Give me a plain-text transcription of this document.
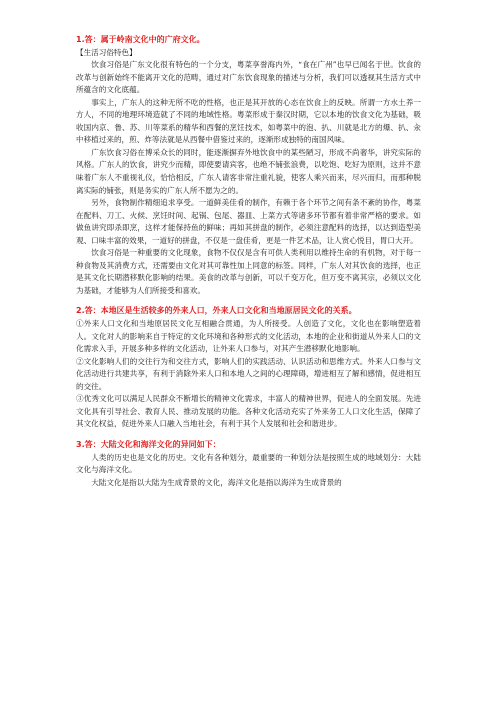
1.答：属于岭南文化中的广府文化。
【生活习俗特色】

饮食习俗是广东文化很有特色的一个分支，粤菜享誉海内外，“食在广州”也早已闻名于世。饮食的改革与创新始终不能离开文化的范畴，通过对广东饮食现象的描述与分析，我们可以透视其生活方式中所蕴含的文化底蕴。

事实上，广东人的这种无所不吃的性格，也正是其开放的心态在饮食上的反映。所谓一方水土养一方人，不同的地理环境造就了不同的地域性格。粤菜形成于秦汉时期，它以本地的饮食文化为基础，吸收国内京、鲁、苏、川等菜系的精华和西餐的烹饪技术，如粤菜中的泡、扒、川就是北方的爆、扒、汆中移植过来的，煎、炸等法就是从西餐中借鉴过来的，逐渐形成独特的南国风味。

广东饮食习俗在博采众长的同时，能逐渐摒弃外地饮食中的某些陋习，形成不尚奢华，讲究实际的风格。广东人的饮食，讲究少而精，即使要请宾客，也绝不铺张浪费，以吃饱、吃好为原则，这并不意味着广东人不重视礼仪，恰恰相反，广东人请客非常注重礼貌，使客人乘兴而来，尽兴而归，而那种脱离实际的铺张，则是务实的广东人所不愿为之的。

另外，食物制作精细追求享受。一道鲜美佳肴的制作，有赖于各个环节之间有条不紊的协作，粤菜在配料、刀工、火候、烹饪时间、起锅、包尾、器皿、上菜方式等诸多环节都有着非常严格的要求。如做鱼讲究即杀即烹，这样才能保持鱼的鲜味；再如其拼盘的制作，必须注意配料的选择，以达到造型美观、口味丰富的效果，一道好的拼盘，不仅是一盘佳肴，更是一件艺术品，让人赏心悦目，胃口大开。

饮食习俗是一种重要的文化现象，食物不仅仅是含有可供人类利用以维持生命的有机物，对于每一种食物及其消费方式，还需要由文化对其可靠性加上同意的标签。同样，广东人对其饮食的选择，也正是其文化长期潜移默化影响的结果。美食的改革与创新，可以千变万化，但万变不离其宗，必须以文化为基础，才能够为人们所接受和喜欢。

2.答：本地区是生活较多的外来人口，外来人口文化和当地原居民文化的关系。

①外来人口文化和当地原居民文化互相融合贯通，为人所接受。人创造了文化，文化也在影响塑造着人。文化对人的影响来自于特定的文化环境和各种形式的文化活动，本地的企业和街道从外来人口的文化需求入手，开展多种多样的文化活动，让外来人口参与，对其产生潜移默化地影响。

②文化影响人们的交往行为和交往方式，影响人们的实践活动、认识活动和思维方式。外来人口参与文化活动进行共建共享，有利于消除外来人口和本地人之间的心理障碍，增进相互了解和感情，促进相互的交往。

③优秀文化可以满足人民群众不断增长的精神文化需求，丰富人的精神世界，促进人的全面发展。先进文化具有引导社会、教育人民、推动发展的功能。各种文化活动充实了外来务工人口文化生活，保障了其文化权益，促进外来人口融入当地社会，有利于其个人发展和社会和谐进步。

3.答：大陆文化和海洋文化的异同如下：

人类的历史也是文化的历史。文化有各种划分，最重要的一种划分法是按照生成的地域划分：大陆文化与海洋文化。

大陆文化是指以大陆为生成背景的文化，海洋文化是指以海洋为生成背景的
